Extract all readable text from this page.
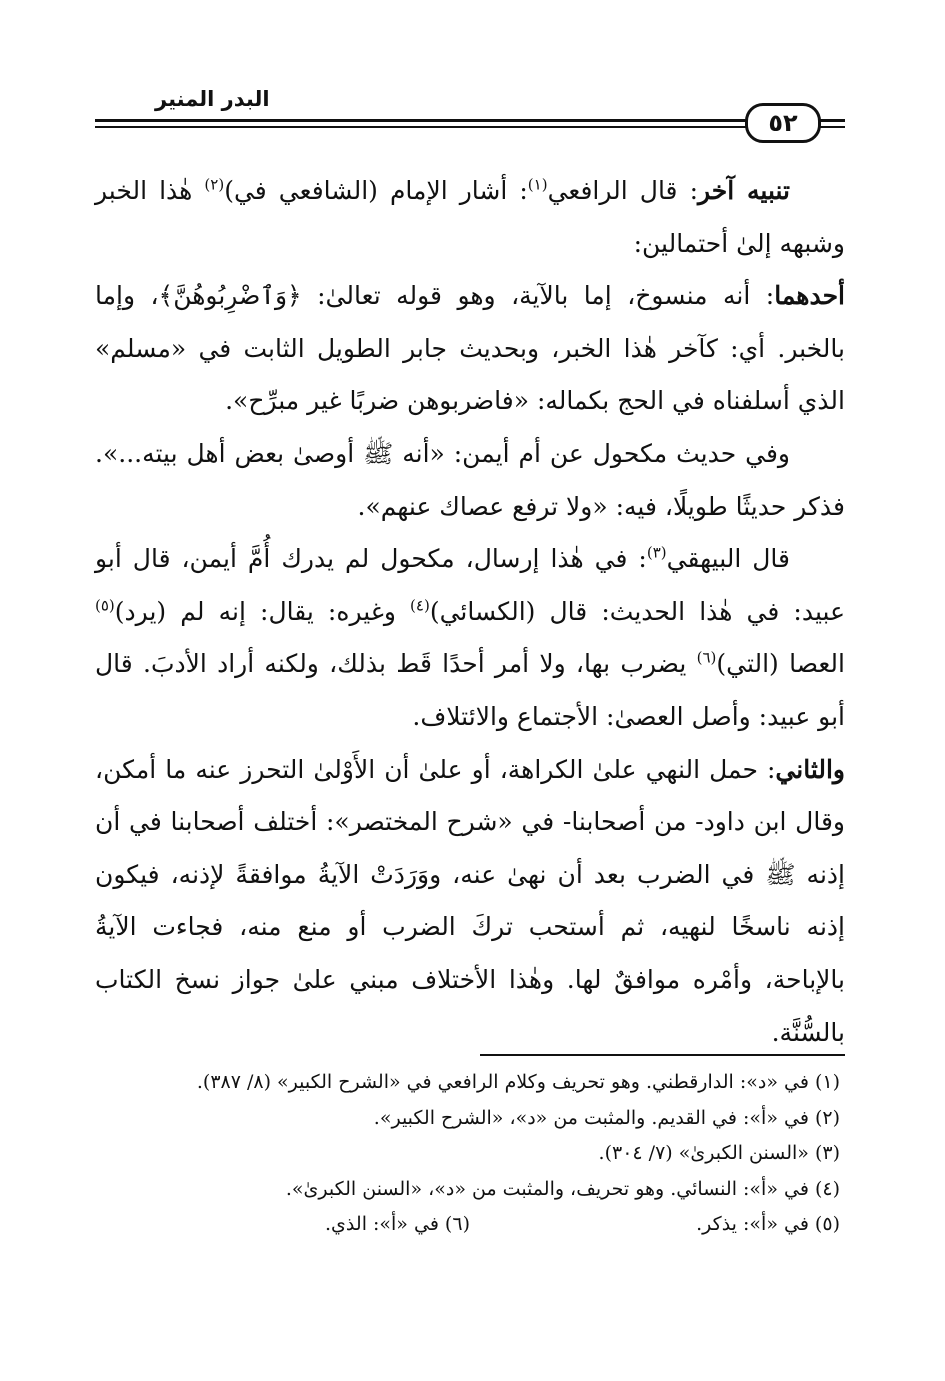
البدر المنير
٥٢

تنبيه آخر: قال الرافعي$^{(١)}$: أشار الإمام (الشافعي في)$^{(٢)}$ هٰذا الخبر وشبهه إلىٰ أحتمالين:

أحدهما: أنه منسوخ، إما بالآية، وهو قوله تعالىٰ: ﴿وَٱضْرِبُوهُنَّ﴾، وإما بالخبر. أي: كآخر هٰذا الخبر، وبحديث جابر الطويل الثابت في «مسلم» الذي أسلفناه في الحج بكماله: «فاضربوهن ضربًا غير مبرِّح».

وفي حديث مكحول عن أم أيمن: «أنه ﷺ أوصىٰ بعض أهل بيته...». فذكر حديثًا طويلًا، فيه: «ولا ترفع عصاك عنهم».

قال البيهقي$^{(٣)}$: في هٰذا إرسال، مكحول لم يدرك أُمَّ أيمن، قال أبو عبيد: في هٰذا الحديث: قال (الكسائي)$^{(٤)}$ وغيره: يقال: إنه لم (يرد)$^{(٥)}$ العصا (التي)$^{(٦)}$ يضرب بها، ولا أمر أحدًا قَط بذلك، ولكنه أراد الأدبَ. قال أبو عبيد: وأصل العصىٰ: الأجتماع والائتلاف.

والثاني: حمل النهي علىٰ الكراهة، أو علىٰ أن الأَوْلىٰ التحرز عنه ما أمكن، وقال ابن داود- من أصحابنا- في «شرح المختصر»: أختلف أصحابنا في أن إذنه ﷺ في الضرب بعد أن نهىٰ عنه، ووَرَدَتْ الآيةُ موافقةً لإذنه، فيكون إذنه ناسخًا لنهيه، ثم أستحب تركَ الضرب أو منع منه، فجاءت الآيةُ بالإباحة، وأمْره موافقٌ لها. وهٰذا الأختلاف مبني علىٰ جواز نسخ الكتاب بالسُّنَّة.

(١) في «د»: الدارقطني. وهو تحريف وكلام الرافعي في «الشرح الكبير» (٨/ ٣٨٧).
(٢) في «أ»: في القديم. والمثبت من «د»، «الشرح الكبير».
(٣) «السنن الكبرىٰ» (٧/ ٣٠٤).
(٤) في «أ»: النسائي. وهو تحريف، والمثبت من «د»، «السنن الكبرىٰ».
(٥) في «أ»: يذكر.
(٦) في «أ»: الذي.
